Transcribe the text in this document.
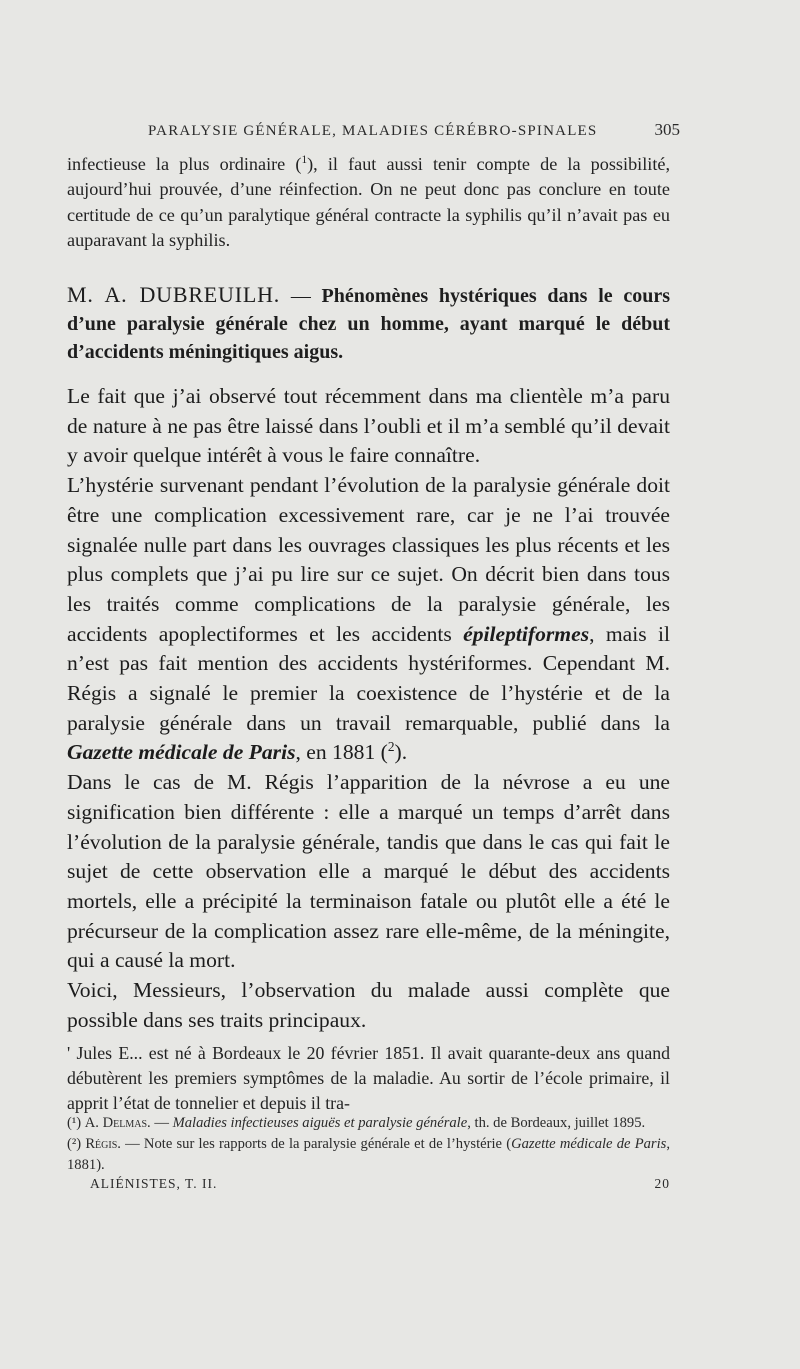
PARALYSIE GÉNÉRALE, MALADIES CÉRÉBRO-SPINALES	305

infectieuse la plus ordinaire ($^1$), il faut aussi tenir compte de la possibilité, aujourd’hui prouvée, d’une réinfection. On ne peut donc pas conclure en toute certitude de ce qu’un paralytique général contracte la syphilis qu’il n’avait pas eu auparavant la syphilis.

M. A. DUBREUILH. — Phénomènes hystériques dans le cours d’une paralysie générale chez un homme, ayant marqué le début d’accidents méningitiques aigus.

Le fait que j’ai observé tout récemment dans ma clientèle m’a paru de nature à ne pas être laissé dans l’oubli et il m’a semblé qu’il devait y avoir quelque intérêt à vous le faire connaître.

L’hystérie survenant pendant l’évolution de la paralysie générale doit être une complication excessivement rare, car je ne l’ai trouvée signalée nulle part dans les ouvrages classiques les plus récents et les plus complets que j’ai pu lire sur ce sujet. On décrit bien dans tous les traités comme complications de la paralysie générale, les accidents apoplectiformes et les accidents épileptiformes, mais il n’est pas fait mention des accidents hystériformes. Cependant M. Régis a signalé le premier la coexistence de l’hystérie et de la paralysie générale dans un travail remarquable, publié dans la Gazette médicale de Paris, en 1881 ($^2$).

Dans le cas de M. Régis l’apparition de la névrose a eu une signification bien différente : elle a marqué un temps d’arrêt dans l’évolution de la paralysie générale, tandis que dans le cas qui fait le sujet de cette observation elle a marqué le début des accidents mortels, elle a précipité la terminaison fatale ou plutôt elle a été le précurseur de la complication assez rare elle-même, de la méningite, qui a causé la mort.

Voici, Messieurs, l’observation du malade aussi complète que possible dans ses traits principaux.

' Jules E... est né à Bordeaux le 20 février 1851. Il avait quarante-deux ans quand débutèrent les premiers symptômes de la maladie. Au sortir de l’école primaire, il apprit l’état de tonnelier et depuis il tra-

(¹) A. Delmas. — Maladies infectieuses aiguës et paralysie générale, th. de Bordeaux, juillet 1895.

(²) Régis. — Note sur les rapports de la paralysie générale et de l’hystérie (Gazette médicale de Paris, 1881).

ALIÉNISTES, T. II.	20
